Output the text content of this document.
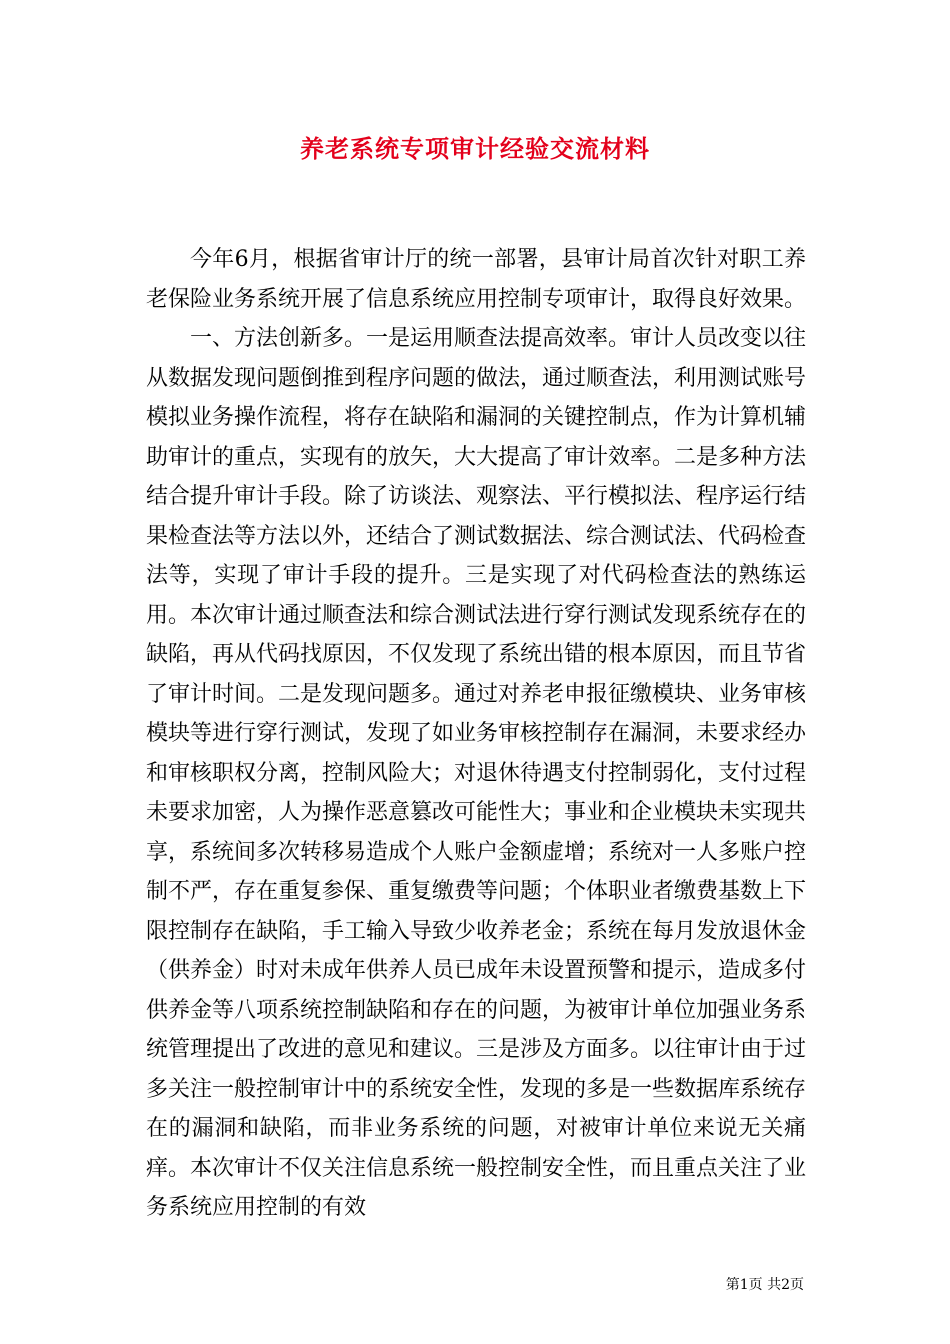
养老系统专项审计经验交流材料

今年6月，根据省审计厅的统一部署，县审计局首次针对职工养老保险业务系统开展了信息系统应用控制专项审计，取得良好效果。

一、方法创新多。一是运用顺查法提高效率。审计人员改变以往从数据发现问题倒推到程序问题的做法，通过顺查法，利用测试账号模拟业务操作流程，将存在缺陷和漏洞的关键控制点，作为计算机辅助审计的重点，实现有的放矢，大大提高了审计效率。二是多种方法结合提升审计手段。除了访谈法、观察法、平行模拟法、程序运行结果检查法等方法以外，还结合了测试数据法、综合测试法、代码检查法等，实现了审计手段的提升。三是实现了对代码检查法的熟练运用。本次审计通过顺查法和综合测试法进行穿行测试发现系统存在的缺陷，再从代码找原因，不仅发现了系统出错的根本原因，而且节省了审计时间。二是发现问题多。通过对养老申报征缴模块、业务审核模块等进行穿行测试，发现了如业务审核控制存在漏洞，未要求经办和审核职权分离，控制风险大；对退休待遇支付控制弱化，支付过程未要求加密，人为操作恶意篡改可能性大；事业和企业模块未实现共享，系统间多次转移易造成个人账户金额虚增；系统对一人多账户控制不严，存在重复参保、重复缴费等问题；个体职业者缴费基数上下限控制存在缺陷，手工输入导致少收养老金；系统在每月发放退休金（供养金）时对未成年供养人员已成年未设置预警和提示，造成多付供养金等八项系统控制缺陷和存在的问题，为被审计单位加强业务系统管理提出了改进的意见和建议。三是涉及方面多。以往审计由于过多关注一般控制审计中的系统安全性，发现的多是一些数据库系统存在的漏洞和缺陷，而非业务系统的问题，对被审计单位来说无关痛痒。本次审计不仅关注信息系统一般控制安全性，而且重点关注了业务系统应用控制的有效

第1页 共2页
